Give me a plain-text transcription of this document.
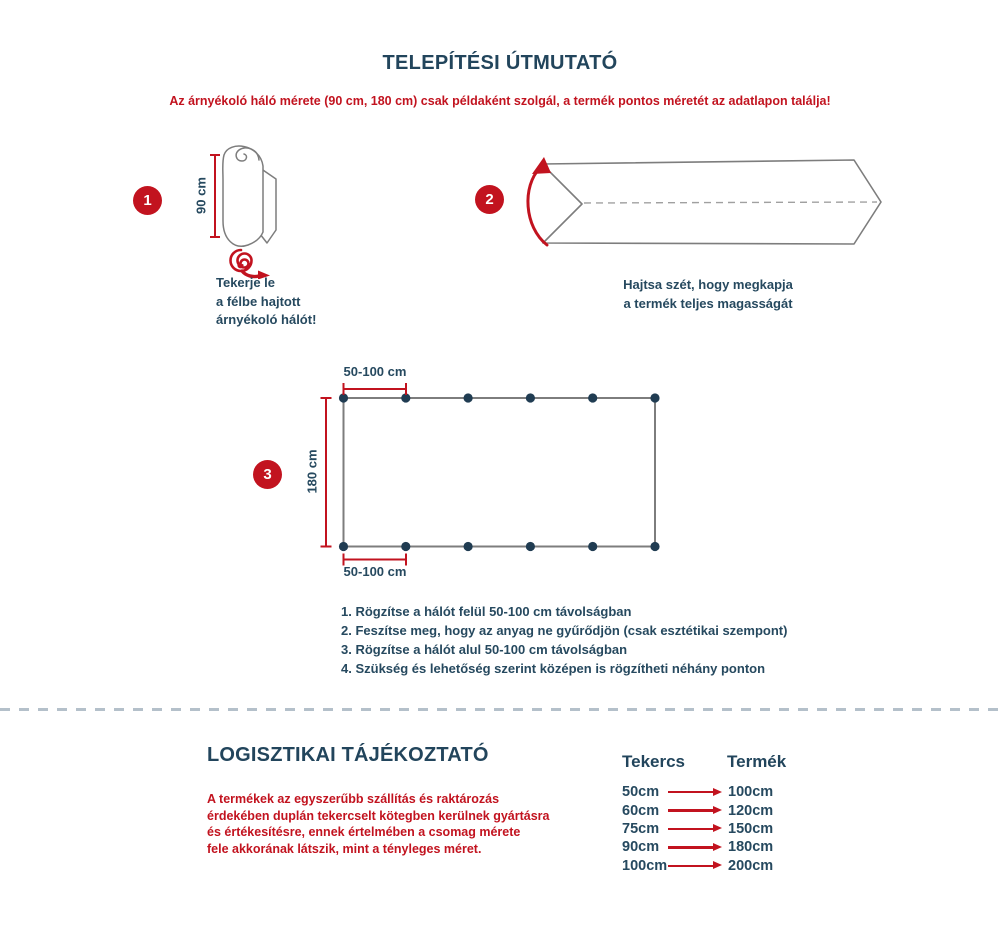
TELEPÍTÉSI ÚTMUTATÓ
Az árnyékoló háló mérete (90 cm, 180 cm) csak példaként szolgál, a termék pontos méretét az adatlapon találja!
1	90 cm
Tekerje le
a félbe hajtott
árnyékoló hálót!
2
Hajtsa szét, hogy megkapja
a termék teljes magasságát
3
50-100 cm
180 cm
50-100 cm
1. Rögzítse a hálót felül 50-100 cm távolságban
2. Feszítse meg, hogy az anyag ne gyűrődjön (csak esztétikai szempont)
3. Rögzítse a hálót alul 50-100 cm távolságban
4. Szükség és lehetőség szerint középen is rögzítheti néhány ponton
LOGISZTIKAI TÁJÉKOZTATÓ
A termékek az egyszerűbb szállítás és raktározás
érdekében duplán tekercselt kötegben kerülnek gyártásra
és értékesítésre, ennek értelmében a csomag mérete
fele akkorának látszik, mint a tényleges méret.
Tekercs Termék
50cm	100cm
60cm	120cm
75cm	150cm
90cm	180cm
100cm	200cm
